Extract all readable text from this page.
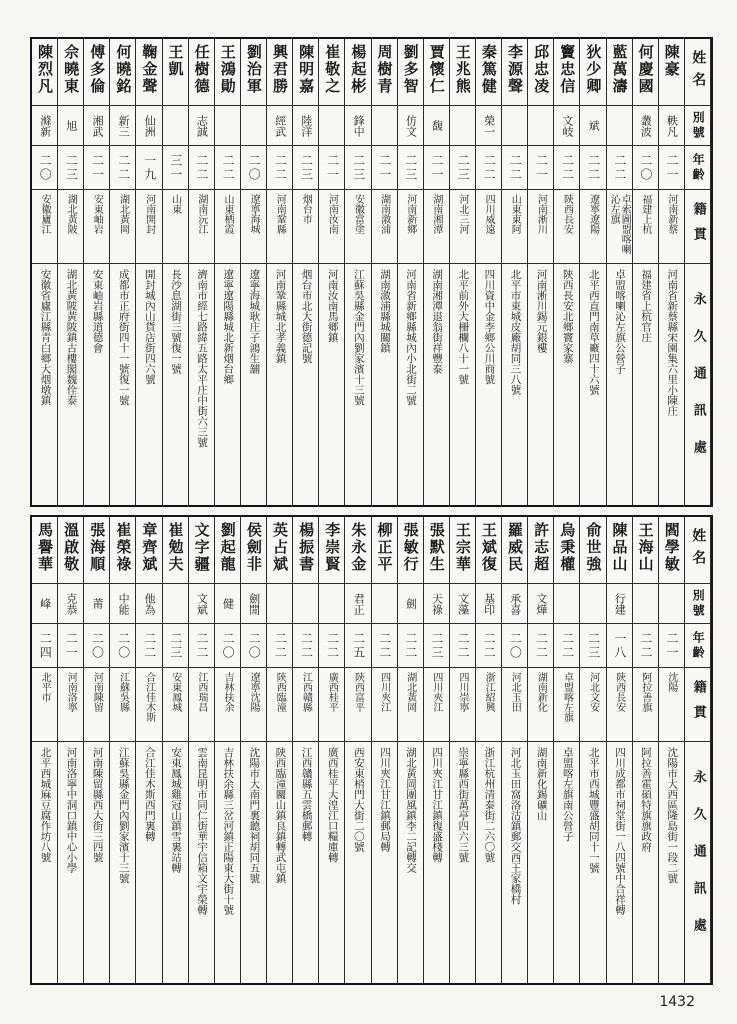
姓名
別號
年齡
籍貫
永久通訊處
陳豪
軼凡
二一
河南新蔡
河南省新蔡縣宋園集六里小陳庄
何慶國
叢波
二〇
福建上杭
福建省上杭官庄
藍萬濤
二二
卓索圖盟喀喇沁左旗
卓盟喀喇沁左旗公營子
狄少卿
斌
二二
遼寧遼陽
北平西直門南草廠四十六號
竇忠信
文岐
二二
陝西長安
陝西長安北鄉竇家寨
邱忠凌
二一
河南淅川
河南淅川錫元銀樓
李源聲
二二
山東東阿
北平市東城皮廠胡同三八號
秦篤健
榮一
二二
四川威遠
四川資中金李鄉公川商號
王兆熊
二三
河北三河
北平前外大柵欄八十一號
賈懷仁
馥
二一
湖南湘潭
湖南湘潭退翁街祥豐泰
劉多智
仿文
二三
河南新鄉
河南省新鄉縣城內小北街二號
周樹青
二一
湖南漵浦
湖南漵浦縣城關鎮
楊起彬
鋒中
二三
安徽當塗
江蘇吳縣金門內劉家濱十三號
崔敬之
二一
河南汝南
河南汝南馬鄉鎮
陳明嘉
陸洋
二三
烟台市
烟台市北大街德記號
興君勝
經武
二二
河南鞏縣
河南鞏縣城北孝義鎮
劉治軍
二〇
遼寧海城
遼寧海城耿庄子鴻生舖
王鴻勛
二二
山東栖霞
遼寧遼陽縣城北新烟台鄉
任樹德
志誠
二二
湖南沅江
濟南市經七路緯五路太平庄中街六三號
王凱
三一
山東
長沙息湖街三號復一號
鞠金聲
仙洲
一九
河南開封
開封城內山貨店街四六號
何曉銘
新三
二二
湖北黃岡
成都市正府街四十一號復一號
傅多倫
湘武
二一
安東岫岩
安東岫岩縣道德會
佘曉東
旭
二三
湖北黃陂
湖北黃陂黃陂鎮古樓閣魏佺泰
陳烈凡
滌新
二〇
安徽廬江
安徽省廬江縣青白鄉大烟墩鎮
姓名
別號
年齡
籍貫
永久通訊處
閻學敏
二一
沈陽
沈陽市大西區隆島街一段二號
王海山
二二
阿拉善旗
阿拉善霍碩特旗旗政府
陳品山
行建
一八
陝西長安
四川成都市祠堂街一八四號中合祥轉
俞世強
二三
河北文安
北平市西城豐盛胡同十一號
烏秉權
二二
卓盟喀左旗
卓盟喀左旗南公營子
許志超
文燁
二二
湖南新化
湖南新化錫礦山
羅威民
承喜
二〇
河北玉田
河北玉田窩洛沽鎮郵交西王家橋村
王斌復
基印
二二
浙江紹興
浙江杭州清泰街二六〇號
王宗華
文藻
二二
四川崇寧
崇寧縣西街萬亭四六三號
張默生
天祿
二三
四川夾江
四川夾江甘江鎮復盛棧轉
張敏行
劍
二二
湖北黃岡
湖北黃岡團風鎮李二記轉交
柳正平
二二
四川夾江
四川夾江甘江鎮郵局轉
朱永金
君正
二五
陝西富平
西安東梢門大街二〇號
李崇賢
二二
廣西桂平
廣西桂平大湟江口糧庫轉
楊振書
二二
江西贛縣
江西贛縣五雲橋郵轉
英占斌
二二
陝西臨潼
陝西臨潼關山鎮良鎮轉武屯鎮
侯劍非
劍閒
二〇
遼寧沈陽
沈陽市大南門裏聽祠胡同五號
劉起龍
健
二〇
吉林扶余
吉林扶余縣三岔河鎮正陽東大街十號
文字疆
文斌
二二
江西瑞昌
雲南昆明市同仁街華宇信箱文宇榮轉
崔勉夫
二三
安東鳳城
安東鳳城雞冠山鎮雪裏站轉
章齊斌
他為
二二
合江佳木斯
合江佳木斯西門裏轉
崔榮祿
中能
二〇
江蘇吳縣
江蘇吳縣金門內劉家濱十三號
張海順
莆
二〇
河南陳留
河南陳留縣西大街三四號
溫啟敬
克恭
二一
河南洛寧
河南洛寧中洞口鎮中心小學
馬譽華
峰
二四
北平市
北平西城麻豆腐作坊八號
1432
